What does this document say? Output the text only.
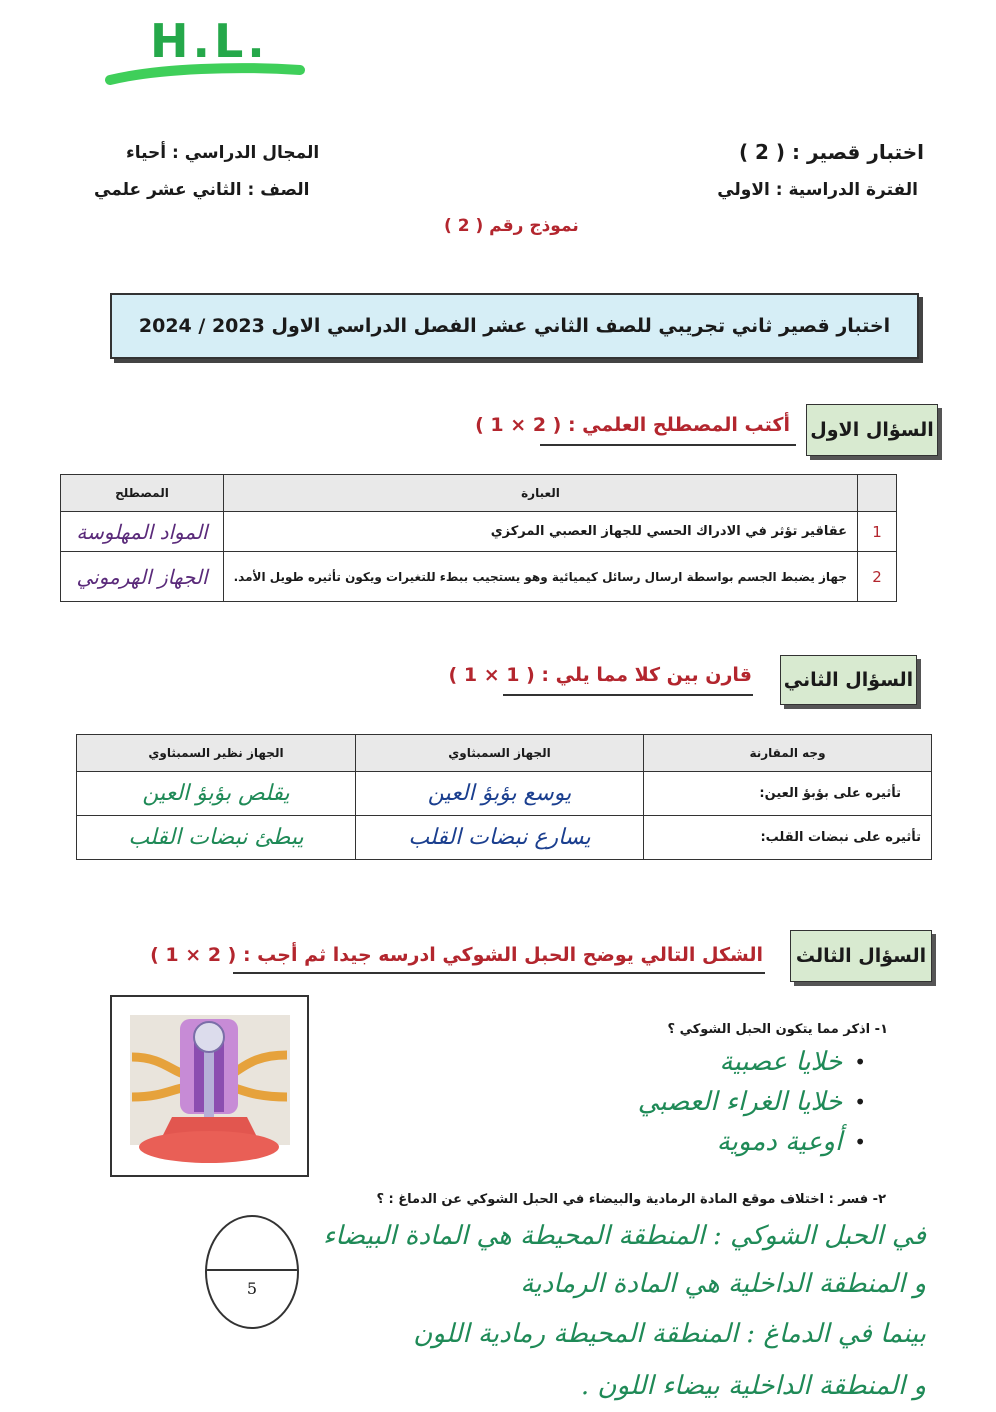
H.L.
اختبار قصير : ( 2 )
الفترة الدراسية : الاولي
المجال الدراسي : أحياء
الصف : الثاني عشر علمي
نموذج رقم ( 2 )
اختبار قصير ثاني تجريبي للصف الثاني عشر الفصل الدراسي الاول 2023 / 2024
السؤال الاول
أكتب المصطلح العلمي : ( 2 × 1 )
	العبارة	المصطلح
1	عقاقير تؤثر في الادراك الحسي للجهاز العصبي المركزي	المواد المهلوسة
2	جهاز يضبط الجسم بواسطة ارسال رسائل كيميائية وهو يستجيب ببطء للتغيرات ويكون تأثيره طويل الأمد.	الجهاز الهرموني
السؤال الثاني
قارن بين كلا مما يلي : ( 1 × 1 )
وجه المقارنة	الجهاز السمبثاوي	الجهاز نظير السمبثاوي
تأثيره على بؤبؤ العين:	يوسع بؤبؤ العين	يقلص بؤبؤ العين
تأثيره على نبضات القلب:	يسارع نبضات القلب	يبطئ نبضات القلب
السؤال الثالث
الشكل التالي يوضح الحبل الشوكي ادرسه جيدا ثم أجب : ( 2 × 1 )
١- اذكر مما يتكون الحبل الشوكي ؟
•
خلايا عصبية
•
خلايا الغراء العصبي
•
أوعية دموية
٢- فسر : اختلاف موقع المادة الرمادية والبيضاء في الحبل الشوكي عن الدماغ : ؟
5
في الحبل الشوكي : المنطقة المحيطة هي المادة البيضاء
و المنطقة الداخلية هي المادة الرمادية
بينما في الدماغ : المنطقة المحيطة رمادية اللون
و المنطقة الداخلية بيضاء اللون .
